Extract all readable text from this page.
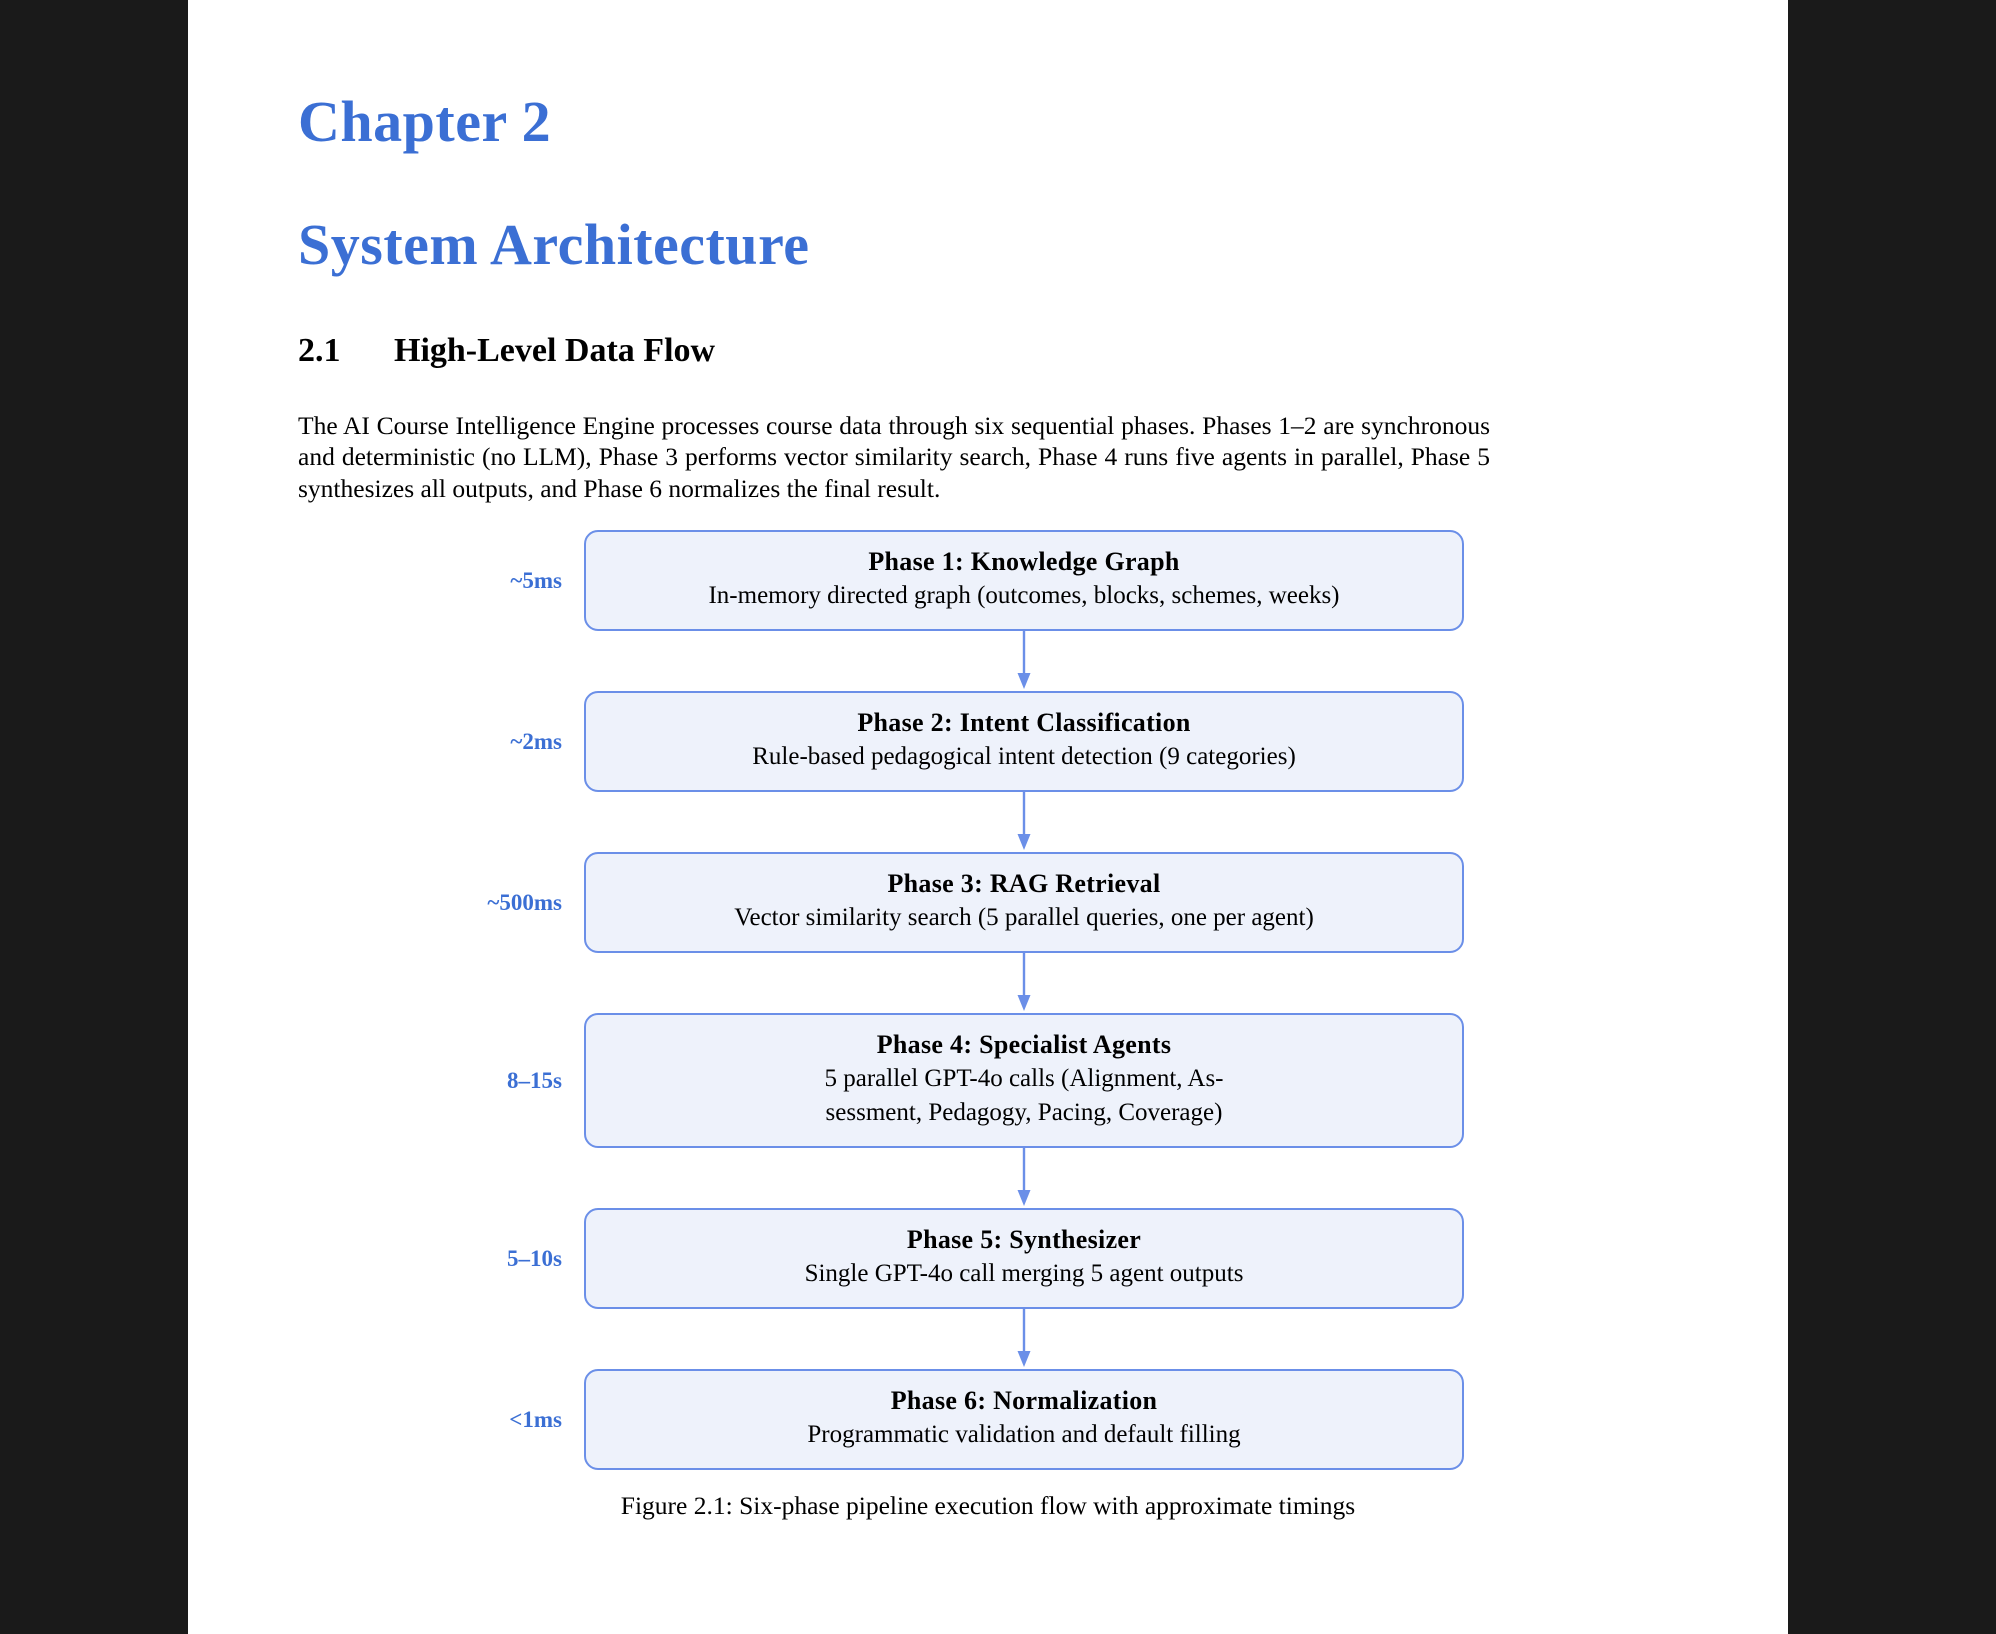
Chapter 2
System Architecture
2.1 High-Level Data Flow

The AI Course Intelligence Engine processes course data through six sequential phases. Phases 1–2 are synchronous and deterministic (no LLM), Phase 3 performs vector similarity search, Phase 4 runs five agents in parallel, Phase 5 synthesizes all outputs, and Phase 6 normalizes the final result.

~5ms
Phase 1: Knowledge Graph
In-memory directed graph (outcomes, blocks, schemes, weeks)
~2ms
Phase 2: Intent Classification
Rule-based pedagogical intent detection (9 categories)
~500ms
Phase 3: RAG Retrieval
Vector similarity search (5 parallel queries, one per agent)
8–15s
Phase 4: Specialist Agents
5 parallel GPT-4o calls (Alignment, As-
sessment, Pedagogy, Pacing, Coverage)
5–10s
Phase 5: Synthesizer
Single GPT-4o call merging 5 agent outputs
<1ms
Phase 6: Normalization
Programmatic validation and default filling
Figure 2.1: Six-phase pipeline execution flow with approximate timings
